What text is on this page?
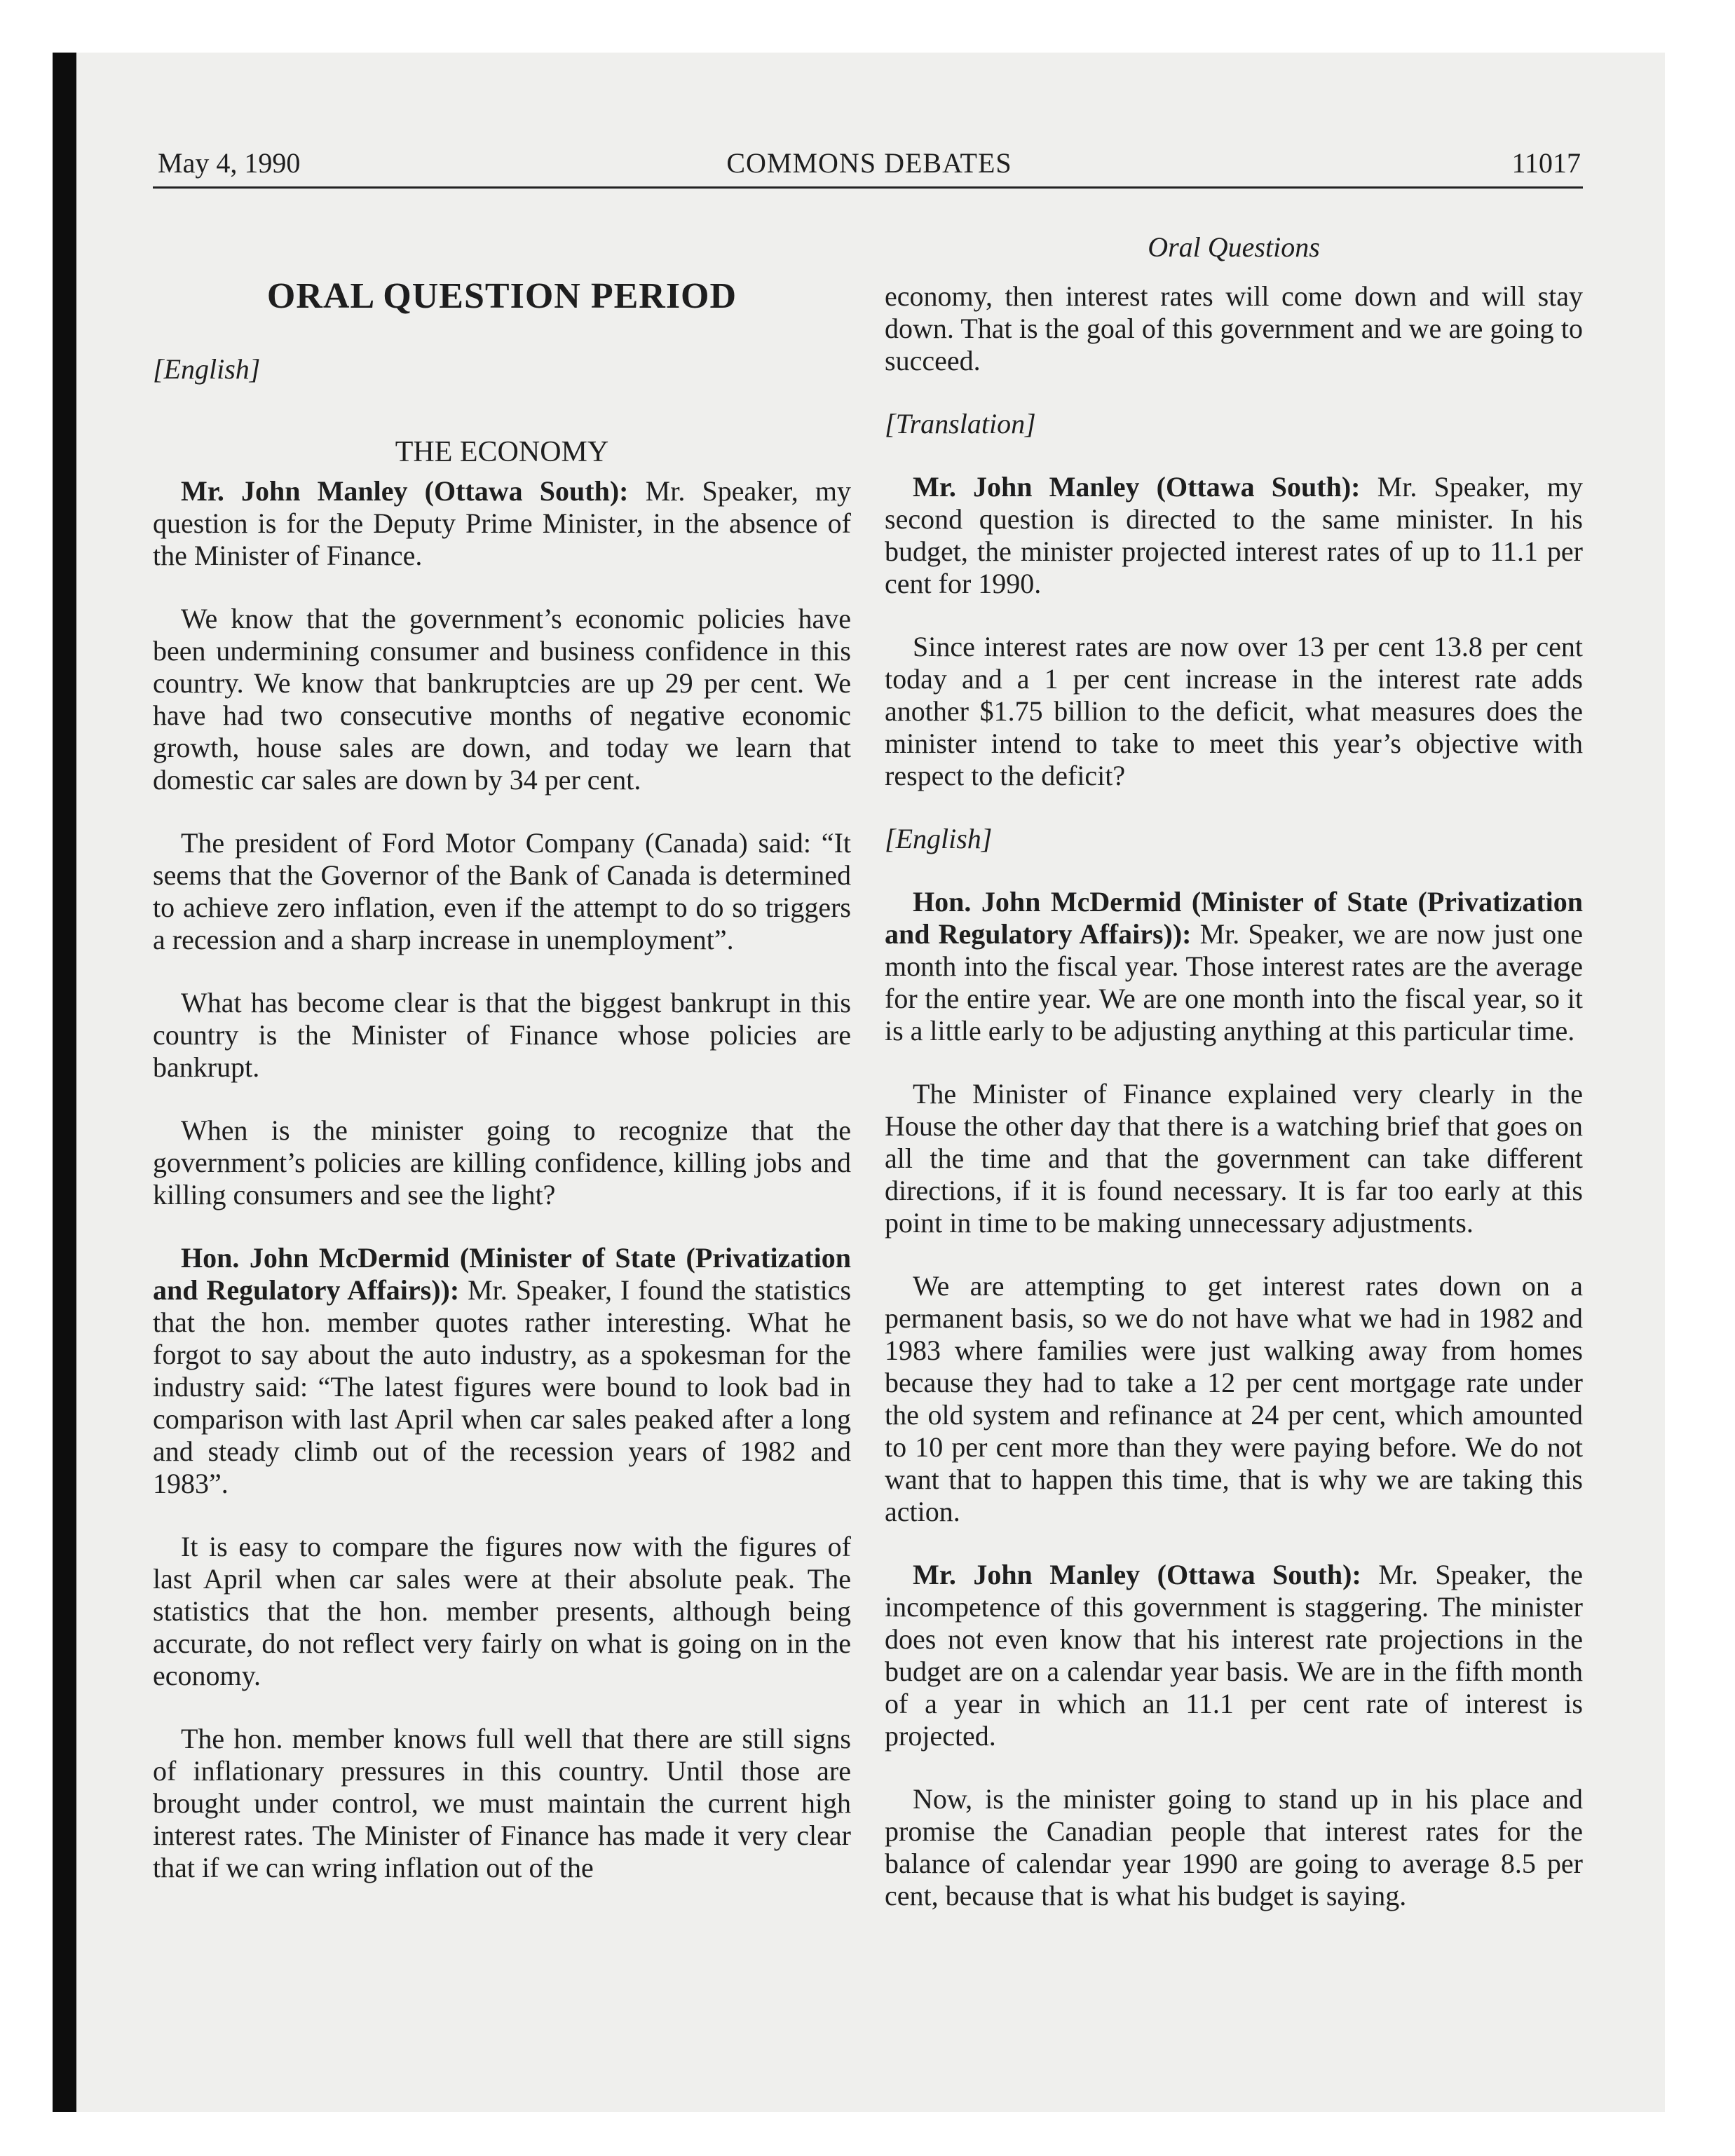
May 4, 1990	COMMONS DEBATES	11017
ORAL QUESTION PERIOD
[English]
THE ECONOMY

Mr. John Manley (Ottawa South): Mr. Speaker, my question is for the Deputy Prime Minister, in the absence of the Minister of Finance.

We know that the government’s economic policies have been undermining consumer and business confidence in this country. We know that bankruptcies are up 29 per cent. We have had two consecutive months of negative economic growth, house sales are down, and today we learn that domestic car sales are down by 34 per cent.

The president of Ford Motor Company (Canada) said: “It seems that the Governor of the Bank of Canada is determined to achieve zero inflation, even if the attempt to do so triggers a recession and a sharp increase in unemployment”.

What has become clear is that the biggest bankrupt in this country is the Minister of Finance whose policies are bankrupt.

When is the minister going to recognize that the government’s policies are killing confidence, killing jobs and killing consumers and see the light?

Hon. John McDermid (Minister of State (Privatization and Regulatory Affairs)): Mr. Speaker, I found the statistics that the hon. member quotes rather interesting. What he forgot to say about the auto industry, as a spokesman for the industry said: “The latest figures were bound to look bad in comparison with last April when car sales peaked after a long and steady climb out of the recession years of 1982 and 1983”.

It is easy to compare the figures now with the figures of last April when car sales were at their absolute peak. The statistics that the hon. member presents, although being accurate, do not reflect very fairly on what is going on in the economy.

The hon. member knows full well that there are still signs of inflationary pressures in this country. Until those are brought under control, we must maintain the current high interest rates. The Minister of Finance has made it very clear that if we can wring inflation out of the

Oral Questions

economy, then interest rates will come down and will stay down. That is the goal of this government and we are going to succeed.

[Translation]

Mr. John Manley (Ottawa South): Mr. Speaker, my second question is directed to the same minister. In his budget, the minister projected interest rates of up to 11.1 per cent for 1990.

Since interest rates are now over 13 per cent 13.8 per cent today and a 1 per cent increase in the interest rate adds another $1.75 billion to the deficit, what measures does the minister intend to take to meet this year’s objective with respect to the deficit?

[English]

Hon. John McDermid (Minister of State (Privatization and Regulatory Affairs)): Mr. Speaker, we are now just one month into the fiscal year. Those interest rates are the average for the entire year. We are one month into the fiscal year, so it is a little early to be adjusting anything at this particular time.

The Minister of Finance explained very clearly in the House the other day that there is a watching brief that goes on all the time and that the government can take different directions, if it is found necessary. It is far too early at this point in time to be making unnecessary adjustments.

We are attempting to get interest rates down on a permanent basis, so we do not have what we had in 1982 and 1983 where families were just walking away from homes because they had to take a 12 per cent mortgage rate under the old system and refinance at 24 per cent, which amounted to 10 per cent more than they were paying before. We do not want that to happen this time, that is why we are taking this action.

Mr. John Manley (Ottawa South): Mr. Speaker, the incompetence of this government is staggering. The minister does not even know that his interest rate projections in the budget are on a calendar year basis. We are in the fifth month of a year in which an 11.1 per cent rate of interest is projected.

Now, is the minister going to stand up in his place and promise the Canadian people that interest rates for the balance of calendar year 1990 are going to average 8.5 per cent, because that is what his budget is saying.
